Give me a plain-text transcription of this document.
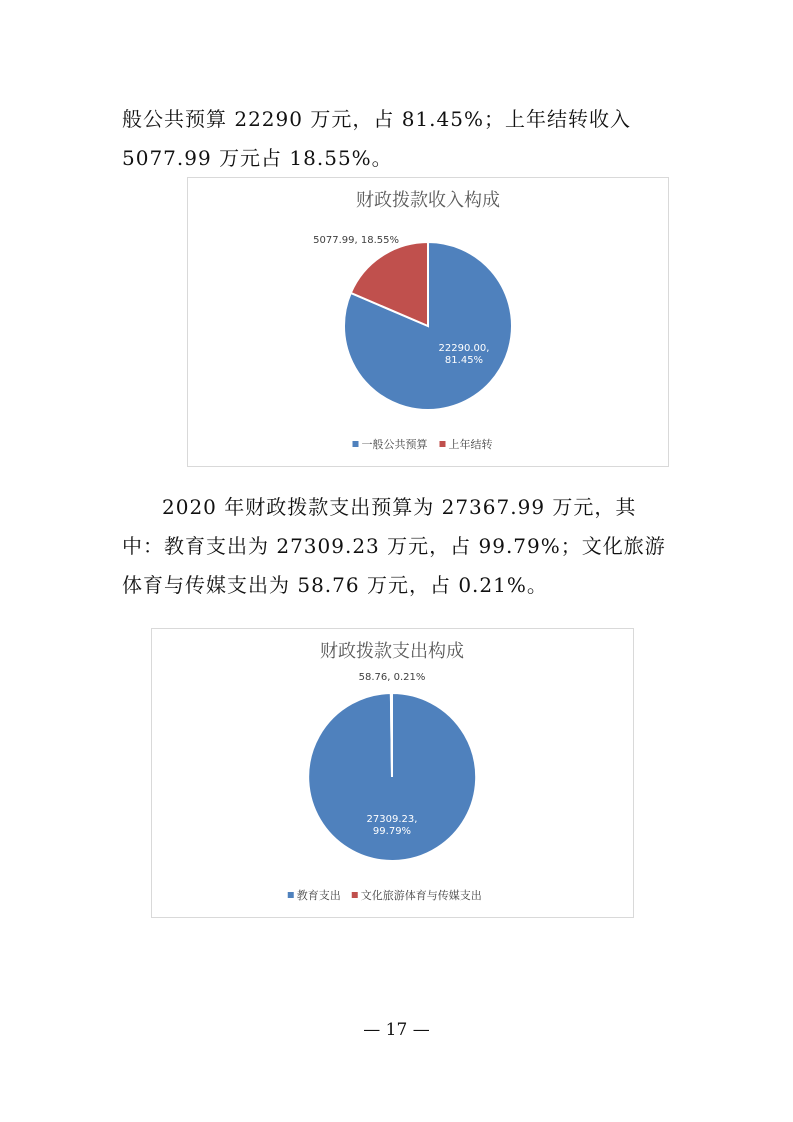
般公共预算 22290 万元，占 81.45%；上年结转收入 5077.99 万元占 18.55%。

财政拨款收入构成
22290.00, 81.45%
5077.99, 18.55%
一般公共预算 上年结转

2020 年财政拨款支出预算为 27367.99 万元，其中：教育支出为 27309.23 万元，占 99.79%；文化旅游体育与传媒支出为 58.76 万元，占 0.21%。

财政拨款支出构成
27309.23, 99.79%
58.76, 0.21%
教育支出 文化旅游体育与传媒支出
— 17 —
